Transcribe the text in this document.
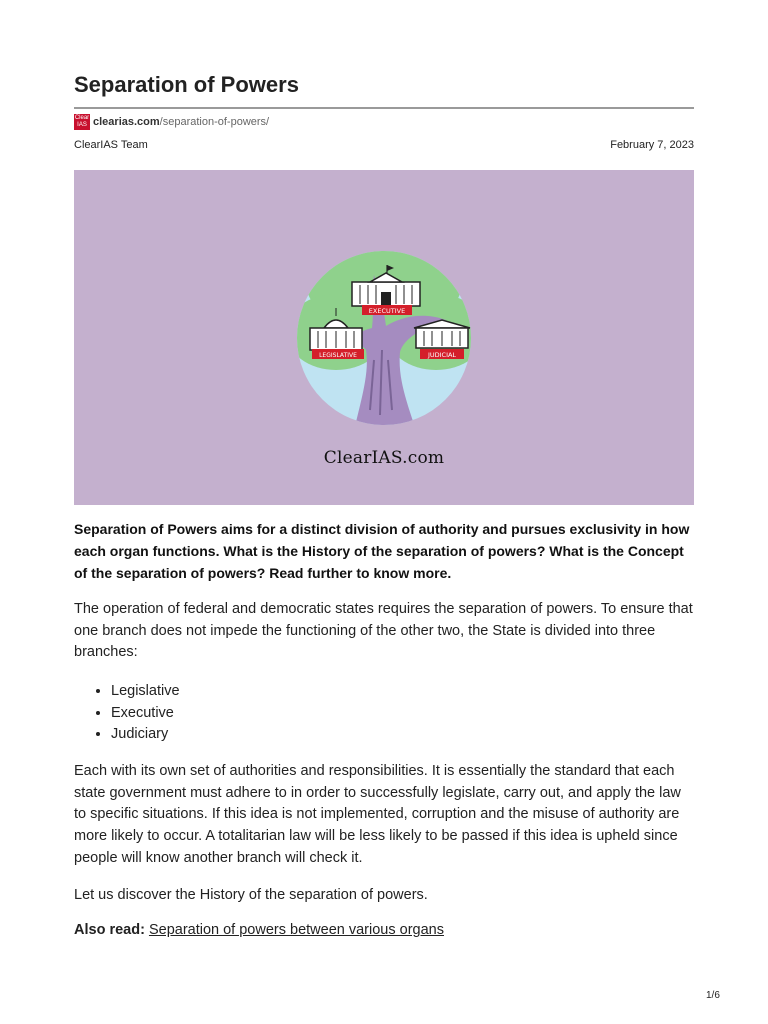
Separation of Powers
Clear
IAS clearias.com /separation-of-powers/
ClearIAS Team	February 7, 2023
EXECUTIVE
LEGISLATIVE	JUDICIAL
ClearIAS.com

Separation of Powers aims for a distinct division of authority and pursues exclusivity in how each organ functions. What is the History of the separation of powers? What is the Concept of the separation of powers? Read further to know more.

The operation of federal and democratic states requires the separation of powers. To ensure that one branch does not impede the functioning of the other two, the State is divided into three branches:

• Legislative
• Executive
• Judiciary

Each with its own set of authorities and responsibilities. It is essentially the standard that each state government must adhere to in order to successfully legislate, carry out, and apply the law to specific situations. If this idea is not implemented, corruption and the misuse of authority are more likely to occur. A totalitarian law will be less likely to be passed if this idea is upheld since people will know another branch will check it.

Let us discover the History of the separation of powers.

Also read: Separation of powers between various organs
1/6
